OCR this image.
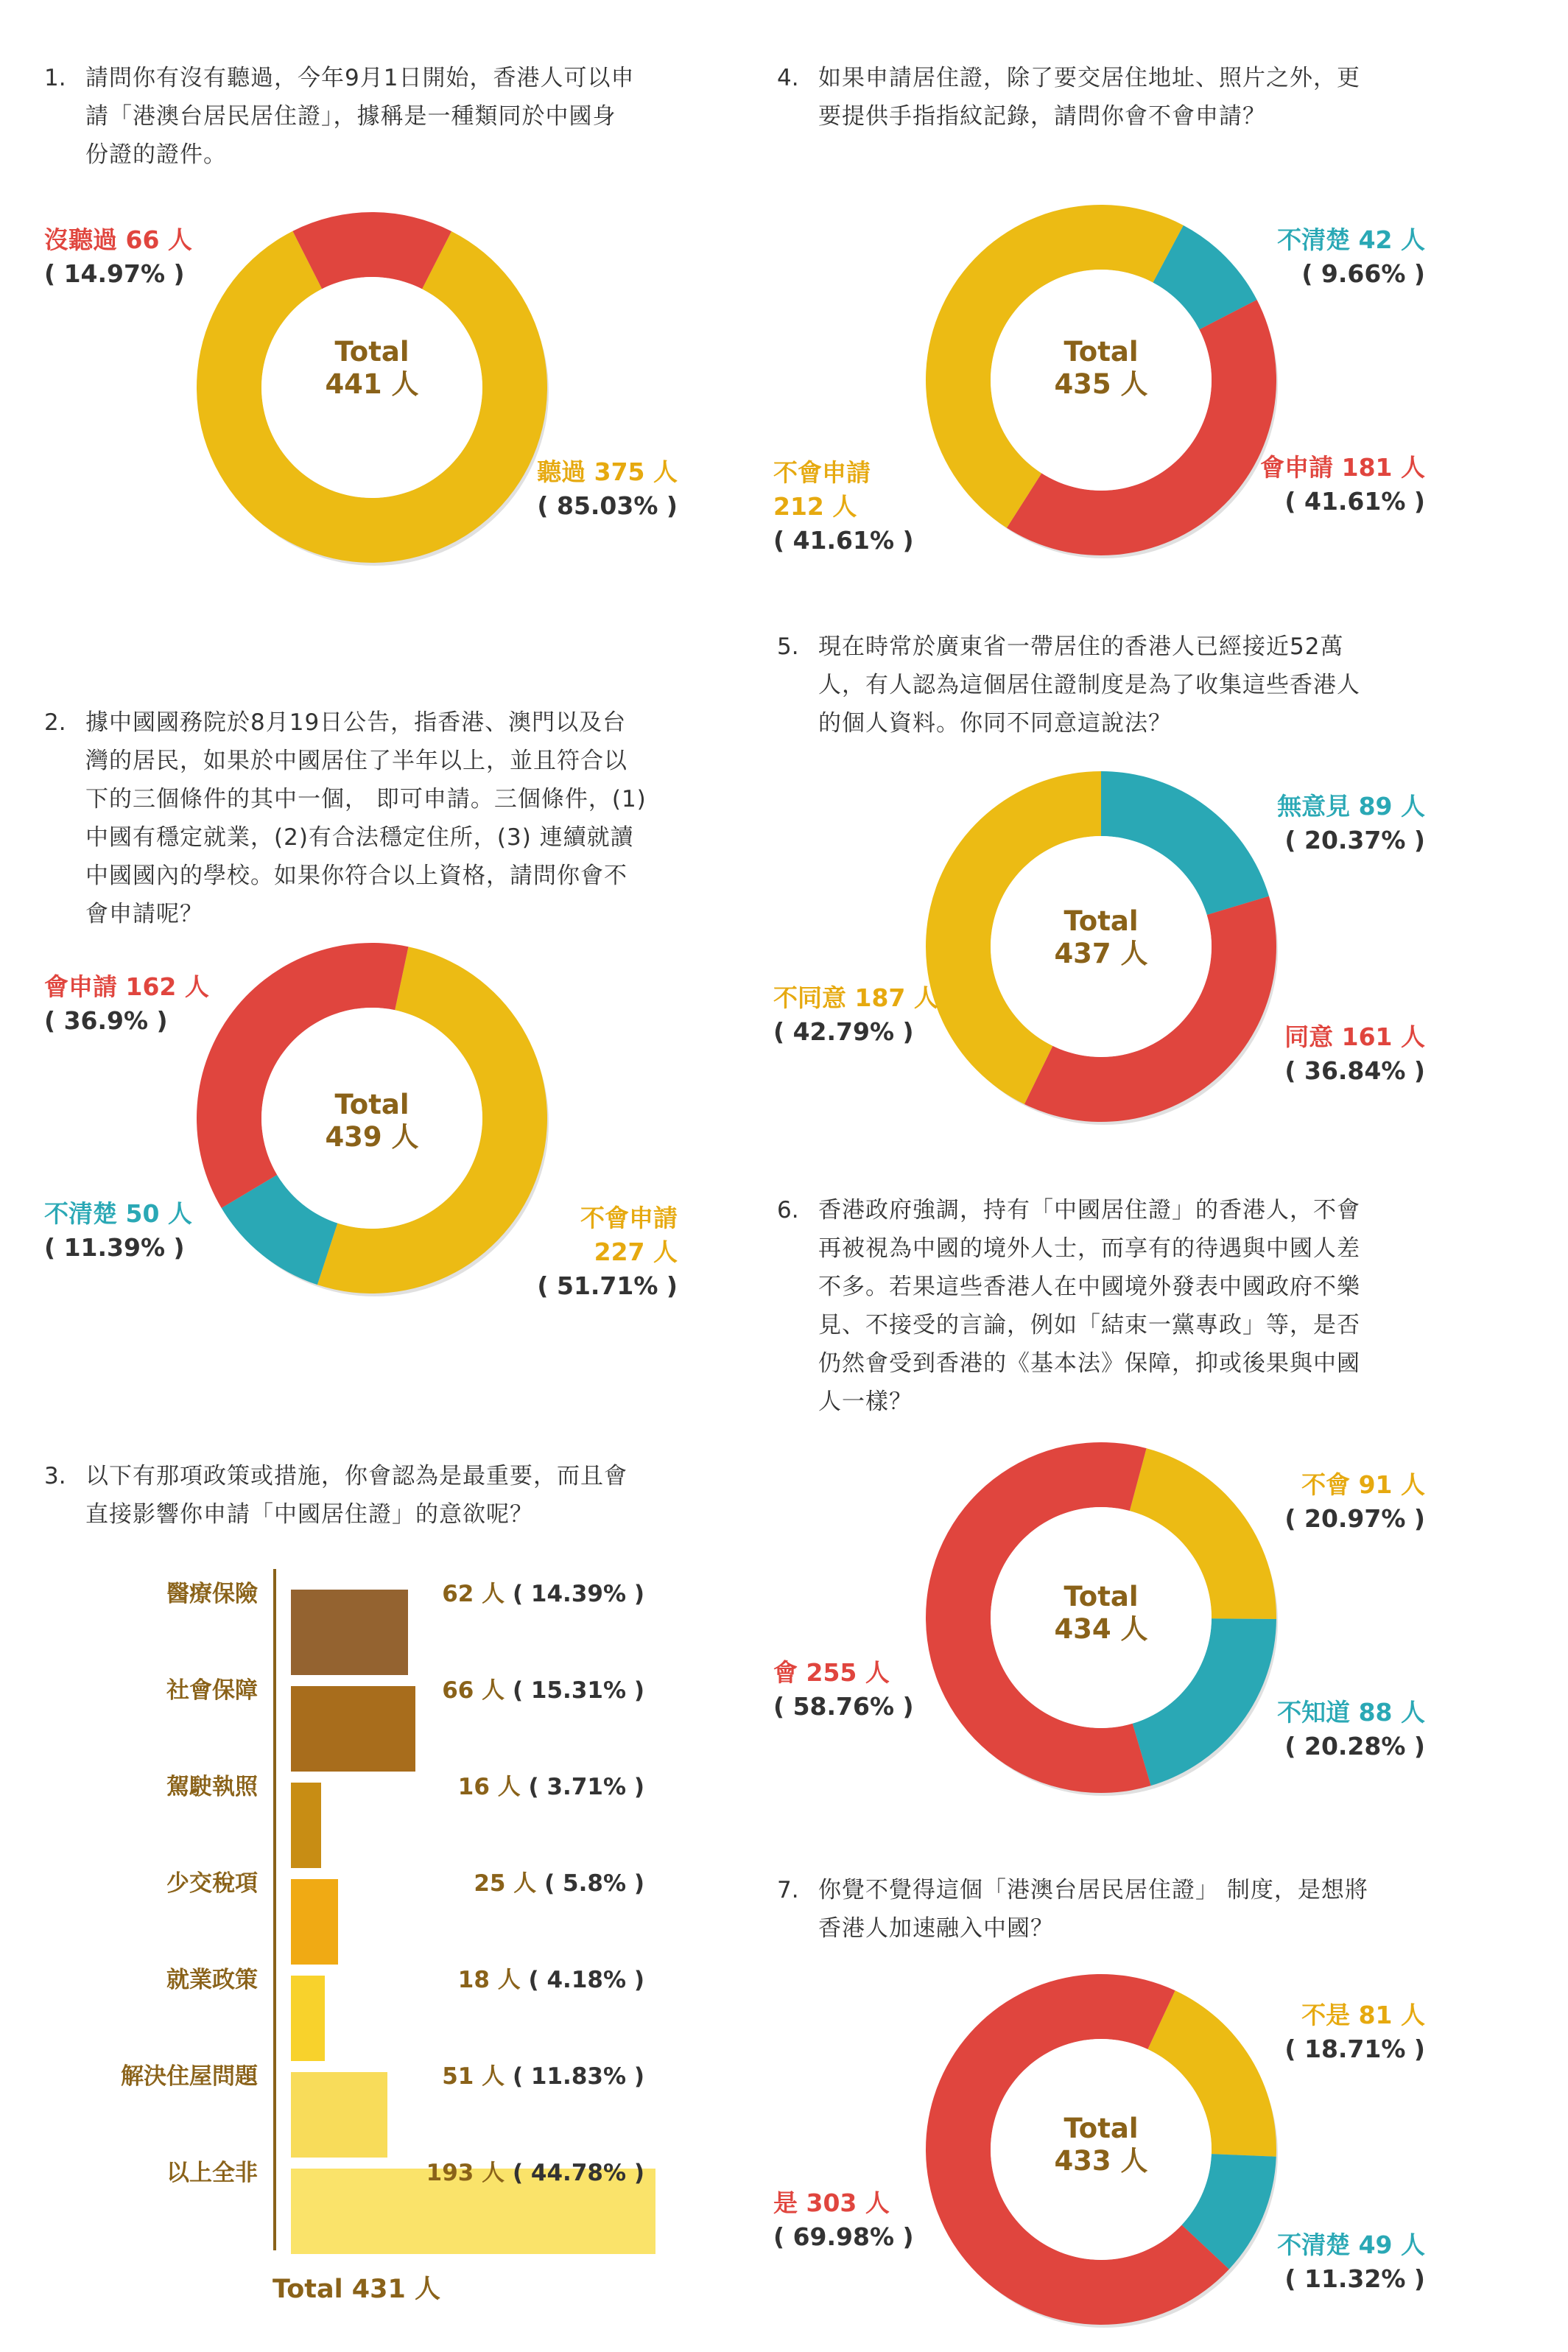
1. 請問你有沒有聽過，今年9月1日開始，香港人可以申
請「港澳台居民居住證」，據稱是一種類同於中國身
份證的證件。
2. 據中國國務院於8月19日公告，指香港、澳門以及台
灣的居民，如果於中國居住了半年以上，並且符合以
下的三個條件的其中一個， 即可申請。三個條件，(1)
中國有穩定就業，(2)有合法穩定住所，(3) 連續就讀
中國國內的學校。如果你符合以上資格，請問你會不
會申請呢？
3. 以下有那項政策或措施，你會認為是最重要，而且會
直接影響你申請「中國居住證」的意欲呢？
4. 如果申請居住證，除了要交居住地址、照片之外，更
要提供手指指紋記錄，請問你會不會申請？
5. 現在時常於廣東省一帶居住的香港人已經接近52萬
人，有人認為這個居住證制度是為了收集這些香港人
的個人資料。你同不同意這說法？
6. 香港政府強調，持有「中國居住證」的香港人，不會
再被視為中國的境外人士，而享有的待遇與中國人差
不多。若果這些香港人在中國境外發表中國政府不樂
見、不接受的言論，例如「結束一黨專政」等，是否
仍然會受到香港的《基本法》保障，抑或後果與中國
人一樣？
7. 你覺不覺得這個「港澳台居民居住證」 制度，是想將
香港人加速融入中國？
Total
441 人
沒聽過 66 人
( 14.97% )
聽過 375 人
( 85.03% )
Total
439 人
會申請 162 人
( 36.9% )
不清楚 50 人
( 11.39% )

不會申請
227 人

( 51.71% )

Total
435 人
不清楚 42 人
( 9.66% )
會申請 181 人
( 41.61% )

不會申請
212 人

( 41.61% )

Total
437 人
無意見 89 人
( 20.37% )
同意 161 人
( 36.84% )
不同意 187 人
( 42.79% )
Total
434 人
不會 91 人
( 20.97% )
不知道 88 人
( 20.28% )
會 255 人
( 58.76% )
Total
433 人
不是 81 人
( 18.71% )
不清楚 49 人
( 11.32% )
是 303 人
( 69.98% )
醫療保險	62 人 ( 14.39% )
社會保障	66 人 ( 15.31% )
駕駛執照	16 人 ( 3.71% )
少交稅項	25 人 ( 5.8% )
就業政策	18 人 ( 4.18% )
解決住屋問題	51 人 ( 11.83% )
以上全非	193 人 ( 44.78% )
Total 431 人
